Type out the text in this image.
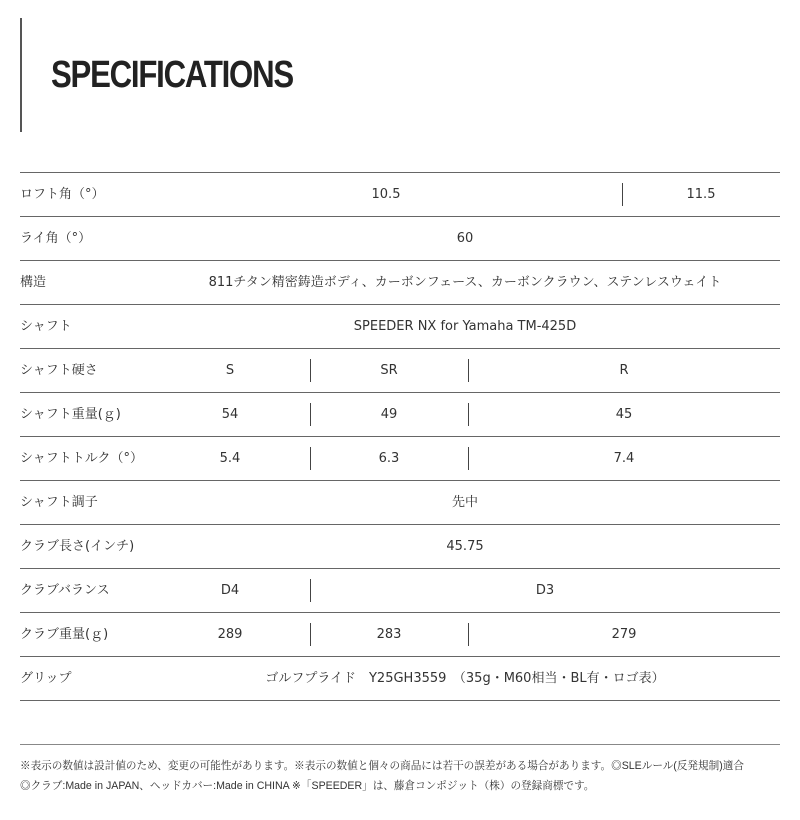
SPECIFICATIONS
ロフト角（°）	10.5	11.5
ライ角（°）	60
構造	811チタン精密鋳造ボディ、カーボンフェース、カーボンクラウン、ステンレスウェイト
シャフト	SPEEDER NX for Yamaha TM-425D
シャフト硬さ	S	SR	R
シャフト重量(ｇ)	54	49	45
シャフトトルク（°）	5.4	6.3	7.4
シャフト調子	先中
クラブ長さ(インチ)	45.75
クラブバランス	D4	D3
クラブ重量(ｇ)	289	283	279
グリップ	ゴルフプライド　Y25GH3559　（35g・M60相当・BL有・ロゴ表）
※表示の数値は設計値のため、変更の可能性があります。※表示の数値と個々の商品には若干の誤差がある場合があります。◎SLEルール(反発規制)適合
◎クラブ:Made in JAPAN、ヘッドカバー:Made in CHINA ※「SPEEDER」は、藤倉コンポジット（株）の登録商標です。
